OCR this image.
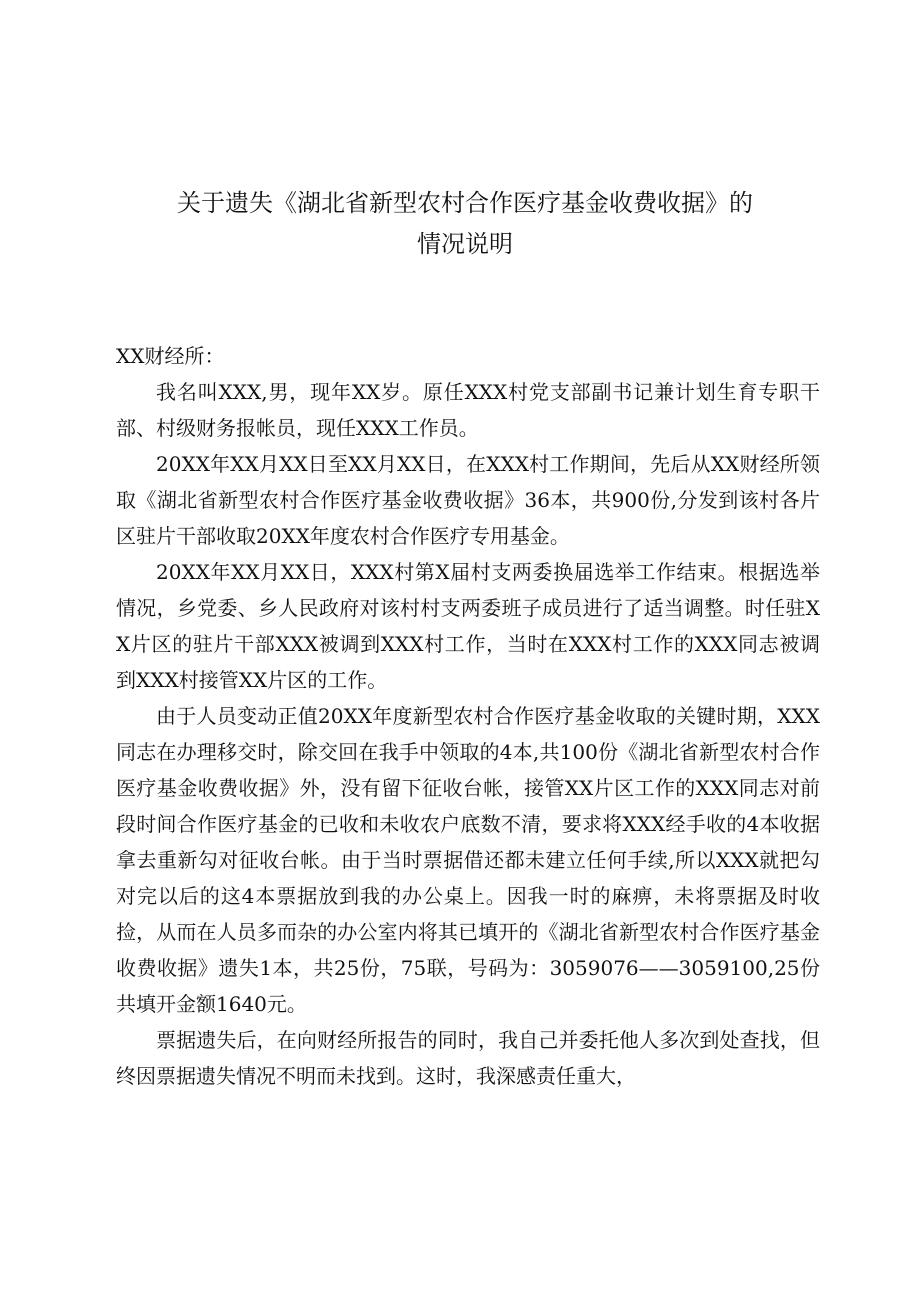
关于遗失《湖北省新型农村合作医疗基金收费收据》的
情况说明

XX财经所：

我名叫XXX,男，现年XX岁。原任XXX村党支部副书记兼计划生育专职干部、村级财务报帐员，现任XXX工作员。

20XX年XX月XX日至XX月XX日，在XXX村工作期间，先后从XX财经所领取《湖北省新型农村合作医疗基金收费收据》36本，共900份,分发到该村各片区驻片干部收取20XX年度农村合作医疗专用基金。

20XX年XX月XX日，XXX村第X届村支两委换届选举工作结束。根据选举情况，乡党委、乡人民政府对该村村支两委班子成员进行了适当调整。时任驻XX片区的驻片干部XXX被调到XXX村工作，当时在XXX村工作的XXX同志被调到XXX村接管XX片区的工作。

由于人员变动正值20XX年度新型农村合作医疗基金收取的关键时期，XXX同志在办理移交时，除交回在我手中领取的4本,共100份《湖北省新型农村合作医疗基金收费收据》外，没有留下征收台帐，接管XX片区工作的XXX同志对前段时间合作医疗基金的已收和未收农户底数不清，要求将XXX经手收的4本收据拿去重新勾对征收台帐。由于当时票据借还都未建立任何手续,所以XXX就把勾对完以后的这4本票据放到我的办公桌上。因我一时的麻痹，未将票据及时收捡，从而在人员多而杂的办公室内将其已填开的《湖北省新型农村合作医疗基金收费收据》遗失1本，共25份，75联，号码为：3059076——3059100,25份共填开金额1640元。

票据遗失后，在向财经所报告的同时，我自己并委托他人多次到处查找，但终因票据遗失情况不明而未找到。这时，我深感责任重大，
